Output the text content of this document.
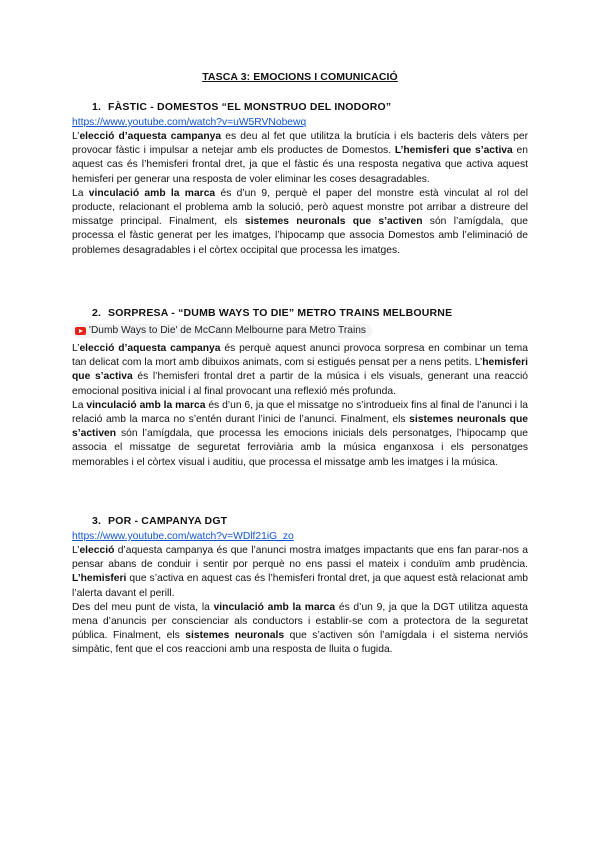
TASCA 3: EMOCIONS I COMUNICACIÓ
1. FÀSTIC - DOMESTOS “EL MONSTRUO DEL INODORO”
https://www.youtube.com/watch?v=uW5RVNobewq

L’elecció d’aquesta campanya es deu al fet que utilitza la brutícia i els bacteris dels vàters per provocar fàstic i impulsar a netejar amb els productes de Domestos. L’hemisferi que s’activa en aquest cas és l’hemisferi frontal dret, ja que el fàstic és una resposta negativa que activa aquest hemisferi per generar una resposta de voler eliminar les coses desagradables.

La vinculació amb la marca és d’un 9, perquè el paper del monstre està vinculat al rol del producte, relacionant el problema amb la solució, però aquest monstre pot arribar a distreure del missatge principal. Finalment, els sistemes neuronals que s’activen són l’amígdala, que processa el fàstic generat per les imatges, l’hipocamp que associa Domestos amb l’eliminació de problemes desagradables i el còrtex occipital que processa les imatges.

2. SORPRESA - “DUMB WAYS TO DIE” METRO TRAINS MELBOURNE
'Dumb Ways to Die' de McCann Melbourne para Metro Trains

L’elecció d’aquesta campanya és perquè aquest anunci provoca sorpresa en combinar un tema tan delicat com la mort amb dibuixos animats, com si estigués pensat per a nens petits. L’hemisferi que s’activa és l’hemisferi frontal dret a partir de la música i els visuals, generant una reacció emocional positiva inicial i al final provocant una reflexió més profunda.

La vinculació amb la marca és d’un 6, ja que el missatge no s’introdueix fins al final de l’anunci i la relació amb la marca no s’entén durant l’inici de l’anunci. Finalment, els sistemes neuronals que s’activen són l’amígdala, que processa les emocions inicials dels personatges, l’hipocamp que associa el missatge de seguretat ferroviària amb la música enganxosa i els personatges memorables i el còrtex visual i auditiu, que processa el missatge amb les imatges i la música.

3. POR - CAMPANYA DGT
https://www.youtube.com/watch?v=WDlf21iG_zo

L’elecció d’aquesta campanya és que l’anunci mostra imatges impactants que ens fan parar-nos a pensar abans de conduir i sentir por perquè no ens passi el mateix i conduïm amb prudència. L’hemisferi que s’activa en aquest cas és l’hemisferi frontal dret, ja que aquest està relacionat amb l’alerta davant el perill.

Des del meu punt de vista, la vinculació amb la marca és d’un 9, ja que la DGT utilitza aquesta mena d’anuncis per conscienciar als conductors i establir-se com a protectora de la seguretat pública. Finalment, els sistemes neuronals que s’activen són l’amígdala i el sistema nerviós simpàtic, fent que el cos reaccioni amb una resposta de lluita o fugida.
